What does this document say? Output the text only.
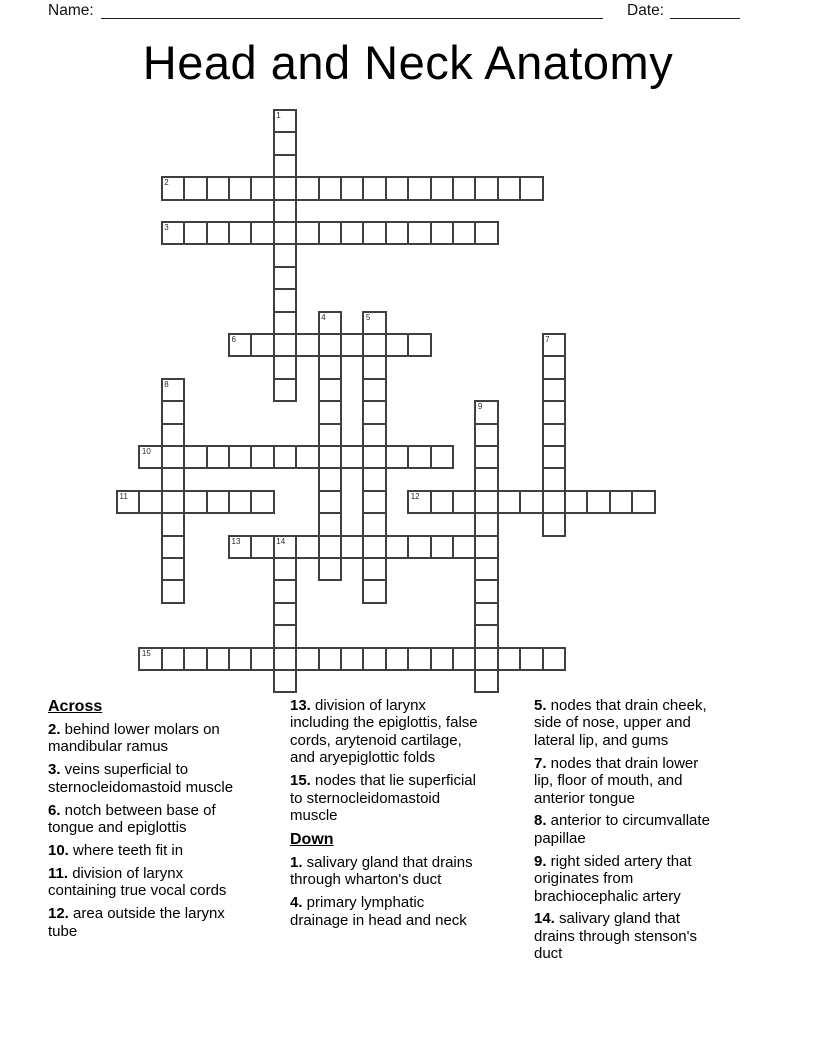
Name:	Date:
Head and Neck Anatomy
1
2
3
4	5
6	7
8
9
10
11	12
13	14
15
Across
2. behind lower molars on mandibular ramus
3. veins superficial to sternocleidomastoid muscle
6. notch between base of tongue and epiglottis
10. where teeth fit in
11. division of larynx containing true vocal cords
12. area outside the larynx tube
13. division of larynx including the epiglottis, false cords, arytenoid cartilage, and aryepiglottic folds
15. nodes that lie superficial to sternocleidomastoid muscle
Down
1. salivary gland that drains through wharton's duct
4. primary lymphatic drainage in head and neck
5. nodes that drain cheek, side of nose, upper and lateral lip, and gums
7. nodes that drain lower lip, floor of mouth, and anterior tongue
8. anterior to circumvallate papillae
9. right sided artery that originates from brachiocephalic artery
14. salivary gland that drains through stenson's duct
